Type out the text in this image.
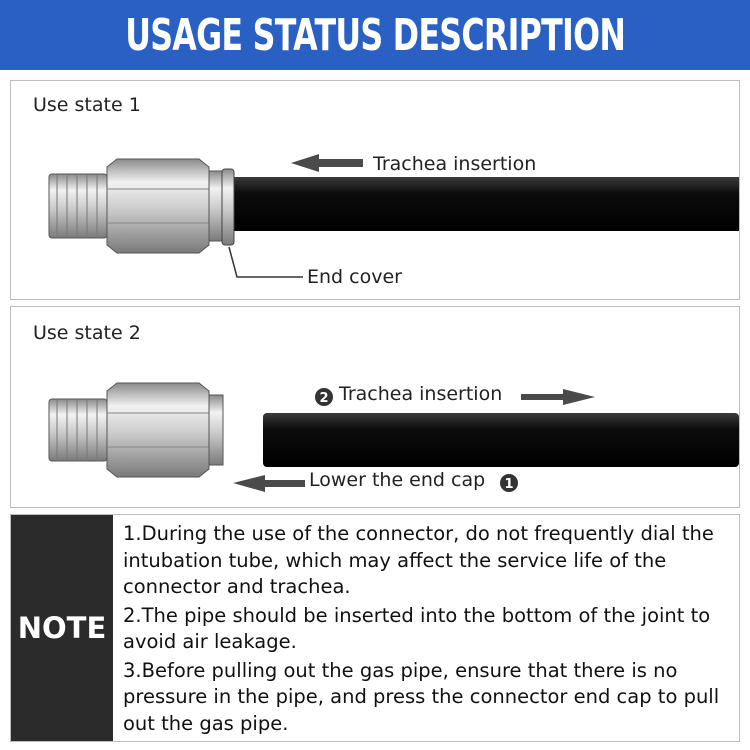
USAGE STATUS DESCRIPTION
Use state 1
Trachea insertion
End cover
Use state 2
2
1
Trachea insertion
Lower the end cap
NOTE
1.During the use of the connector, do not frequently dial the intubation tube, which may affect the service life of the connector and trachea.
2.The pipe should be inserted into the bottom of the joint to avoid air leakage.
3.Before pulling out the gas pipe, ensure that there is no pressure in the pipe, and press the connector end cap to pull out the gas pipe.
